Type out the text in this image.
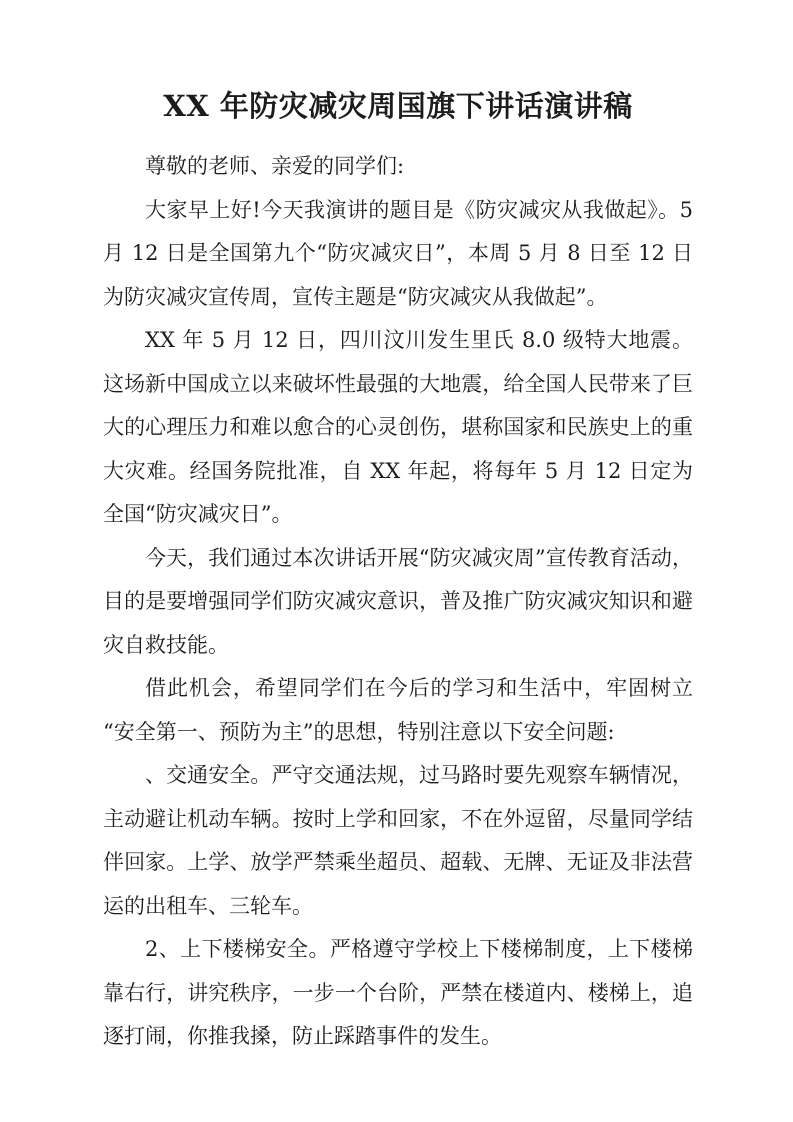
XX 年防灾减灾周国旗下讲话演讲稿

尊敬的老师、亲爱的同学们:

大家早上好!今天我演讲的题目是《防灾减灾从我做起》。5 月 12 日是全国第九个“防灾减灾日”，本周 5 月 8 日至 12 日为防灾减灾宣传周，宣传主题是“防灾减灾从我做起”。

XX 年 5 月 12 日，四川汶川发生里氏 8.0 级特大地震。这场新中国成立以来破坏性最强的大地震，给全国人民带来了巨大的心理压力和难以愈合的心灵创伤，堪称国家和民族史上的重大灾难。经国务院批准，自 XX 年起，将每年 5 月 12 日定为全国“防灾减灾日”。

今天，我们通过本次讲话开展“防灾减灾周”宣传教育活动，目的是要增强同学们防灾减灾意识，普及推广防灾减灾知识和避灾自救技能。

借此机会，希望同学们在今后的学习和生活中，牢固树立“安全第一、预防为主”的思想，特别注意以下安全问题:

、交通安全。严守交通法规，过马路时要先观察车辆情况，主动避让机动车辆。按时上学和回家，不在外逗留，尽量同学结伴回家。上学、放学严禁乘坐超员、超载、无牌、无证及非法营运的出租车、三轮车。

2、上下楼梯安全。严格遵守学校上下楼梯制度，上下楼梯靠右行，讲究秩序，一步一个台阶，严禁在楼道内、楼梯上，追逐打闹，你推我搡，防止踩踏事件的发生。
